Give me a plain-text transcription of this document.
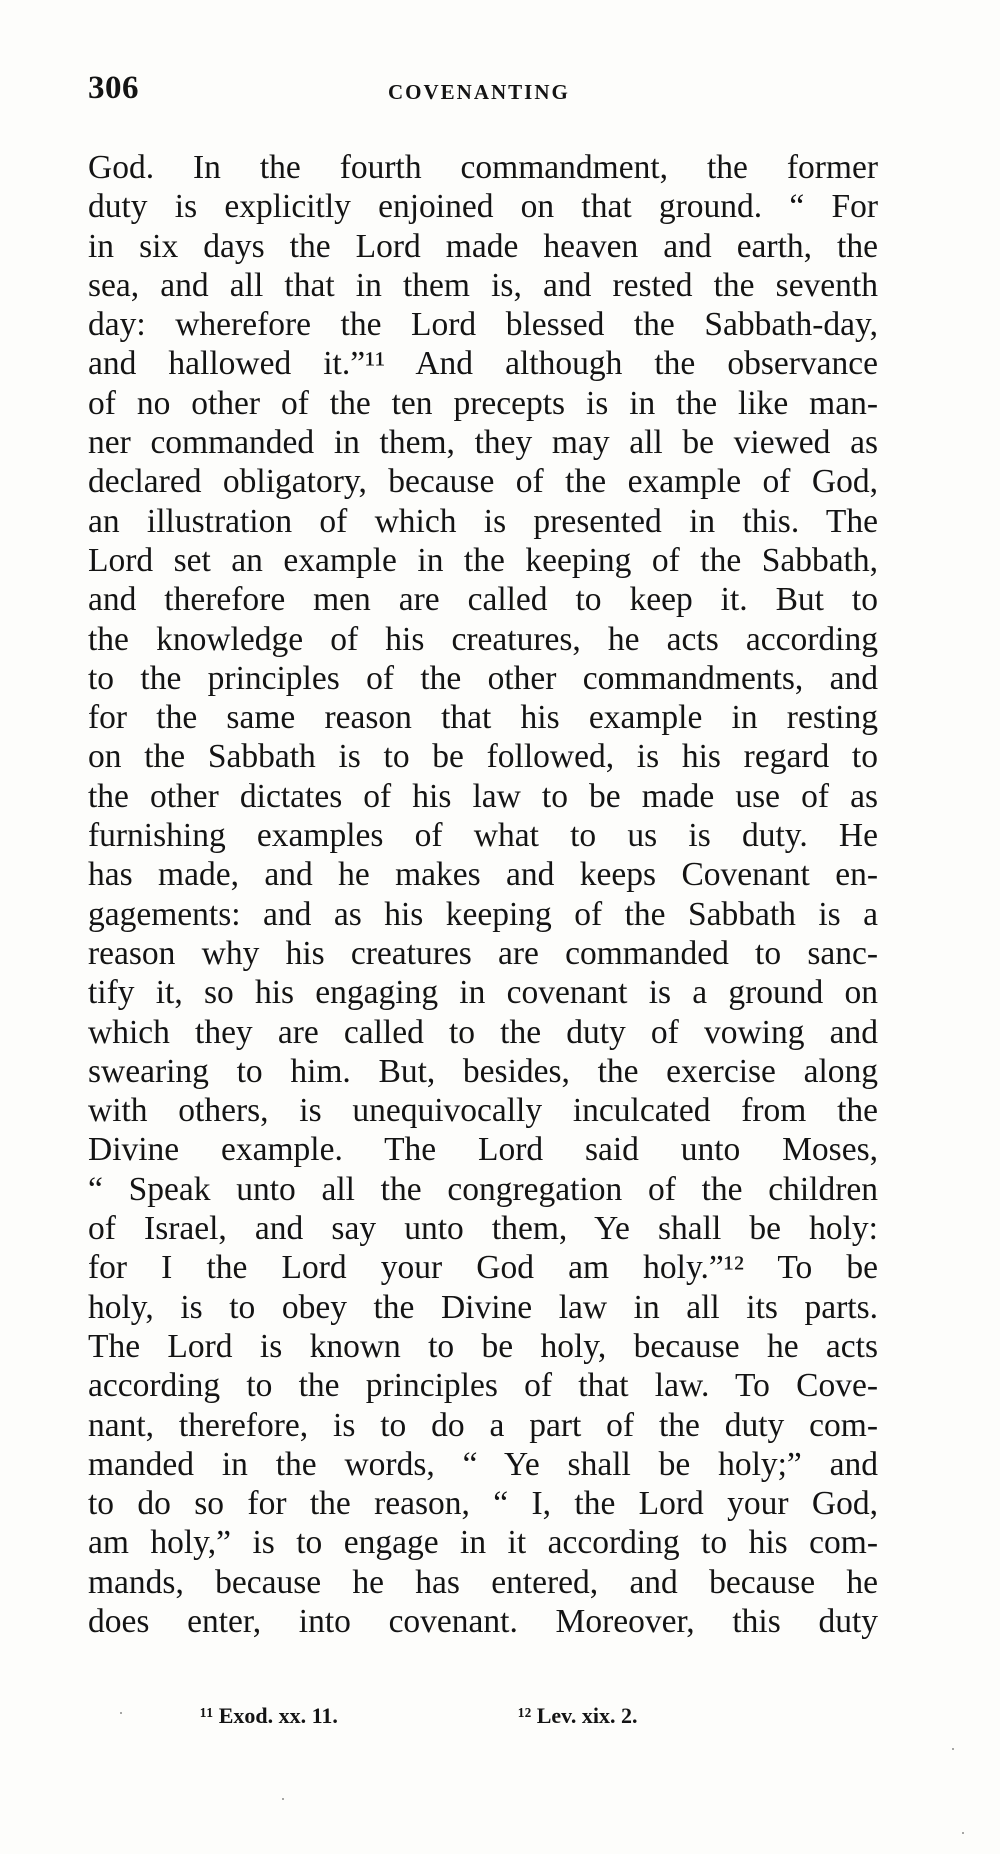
306	COVENANTING
God. In the fourth commandment, the former
duty is explicitly enjoined on that ground. “ For
in six days the Lord made heaven and earth, the
sea, and all that in them is, and rested the seventh
day: wherefore the Lord blessed the Sabbath-day,
and hallowed it.”¹¹ And although the observance
of no other of the ten precepts is in the like man-
ner commanded in them, they may all be viewed as
declared obligatory, because of the example of God,
an illustration of which is presented in this. The
Lord set an example in the keeping of the Sabbath,
and therefore men are called to keep it. But to
the knowledge of his creatures, he acts according
to the principles of the other commandments, and
for the same reason that his example in resting
on the Sabbath is to be followed, is his regard to
the other dictates of his law to be made use of as
furnishing examples of what to us is duty. He
has made, and he makes and keeps Covenant en-
gagements: and as his keeping of the Sabbath is a
reason why his creatures are commanded to sanc-
tify it, so his engaging in covenant is a ground on
which they are called to the duty of vowing and
swearing to him. But, besides, the exercise along
with others, is unequivocally inculcated from the
Divine example. The Lord said unto Moses,
“ Speak unto all the congregation of the children
of Israel, and say unto them, Ye shall be holy:
for I the Lord your God am holy.”¹² To be
holy, is to obey the Divine law in all its parts.
The Lord is known to be holy, because he acts
according to the principles of that law. To Cove-
nant, therefore, is to do a part of the duty com-
manded in the words, “ Ye shall be holy;” and
to do so for the reason, “ I, the Lord your God,
am holy,” is to engage in it according to his com-
mands, because he has entered, and because he
does enter, into covenant. Moreover, this duty
¹¹ Exod. xx. 11.	¹² Lev. xix. 2.
